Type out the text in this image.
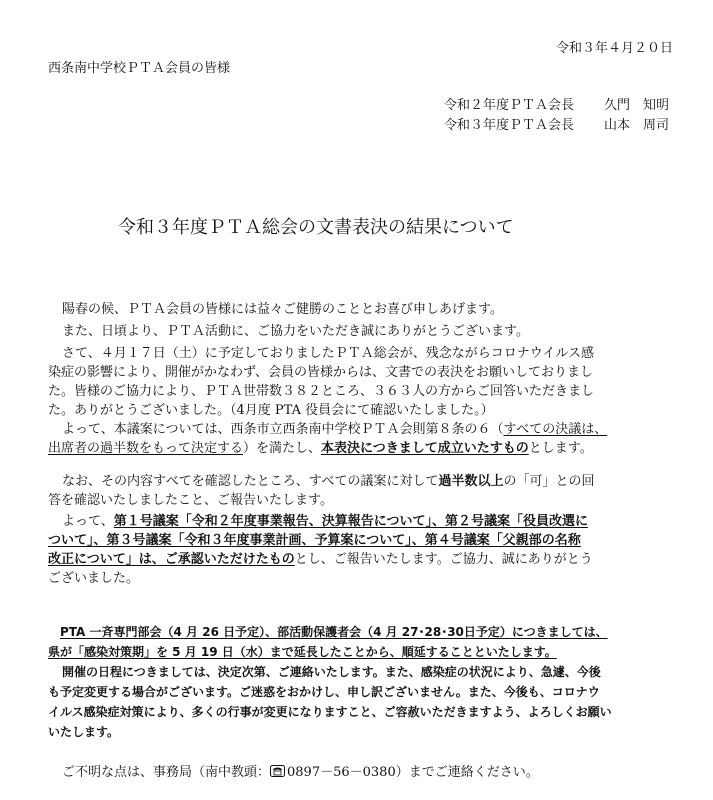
令和３年４月２０日
西条南中学校ＰＴＡ会員の皆様
令和２年度ＰＴＡ会長 久門　知明
令和３年度ＰＴＡ会長 山本　周司
令和３年度ＰＴＡ総会の文書表決の結果について
陽春の候、ＰＴＡ会員の皆様には益々ご健勝のこととお喜び申しあげます。
また、日頃より、ＰＴＡ活動に、ご協力をいただき誠にありがとうございます。
さて、４月１７日（土）に予定しておりましたＰＴＡ総会が、残念ながらコロナウイルス感
染症の影響により、開催がかなわず、会員の皆様からは、文書での表決をお願いしておりまし
た。皆様のご協力により、ＰＴＡ世帯数３８２ところ、３６３人の方からご回答いただきまし
た。ありがとうございました。（4月度 PTA 役員会にて確認いたしました。）
よって、本議案については、西条市立西条南中学校ＰＴＡ会則第８条の６（すべての決議は、
出席者の過半数をもって決定する）を満たし、本表決につきまして成立いたすものとします。
なお、その内容すべてを確認したところ、すべての議案に対して過半数以上の「可」との回
答を確認いたしましたこと、ご報告いたします。
よって、第１号議案「令和２年度事業報告、決算報告について」、第２号議案「役員改選に
ついて」、第３号議案「令和３年度事業計画、予算案について」、第４号議案「父親部の名称
改正について」は、ご承認いただけたものとし、ご報告いたします。ご協力、誠にありがとう
ございました。
PTA 一斉専門部会（4 月 26 日予定）、部活動保護者会（4 月 27･28･30日予定）につきましては、
県が「感染対策期」を 5 月 19 日（水）まで延長したことから、順延することといたします。
開催の日程につきましては、決定次第、ご連絡いたします。また、感染症の状況により、急遽、今後
も予定変更する場合がございます。ご迷惑をおかけし、申し訳ございません。また、今後も、コロナウ
イルス感染症対策により、多くの行事が変更になりますこと、ご容赦いただきますよう、よろしくお願い
いたします。
ご不明な点は、事務局（南中教頭： 0897－56－0380）までご連絡ください。
